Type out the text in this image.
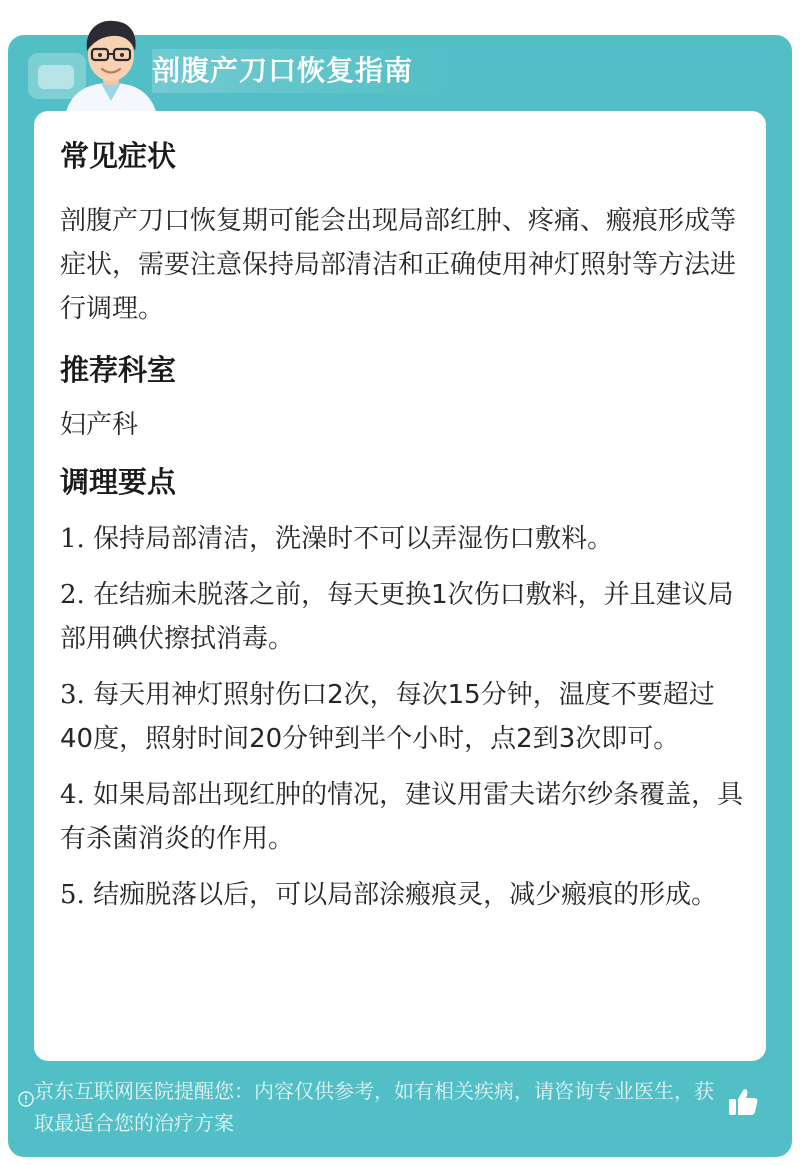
剖腹产刀口恢复指南
常见症状

剖腹产刀口恢复期可能会出现局部红肿、疼痛、瘢痕形成等症状，需要注意保持局部清洁和正确使用神灯照射等方法进行调理。

推荐科室

妇产科

调理要点

1. 保持局部清洁，洗澡时不可以弄湿伤口敷料。

2. 在结痂未脱落之前，每天更换1次伤口敷料，并且建议局部用碘伏擦拭消毒。

3. 每天用神灯照射伤口2次，每次15分钟，温度不要超过40度，照射时间20分钟到半个小时，点2到3次即可。

4. 如果局部出现红肿的情况，建议用雷夫诺尔纱条覆盖，具有杀菌消炎的作用。

5. 结痂脱落以后，可以局部涂瘢痕灵，减少瘢痕的形成。

京东互联网医院提醒您：内容仅供参考，如有相关疾病，请咨询专业医生，获取最适合您的治疗方案
